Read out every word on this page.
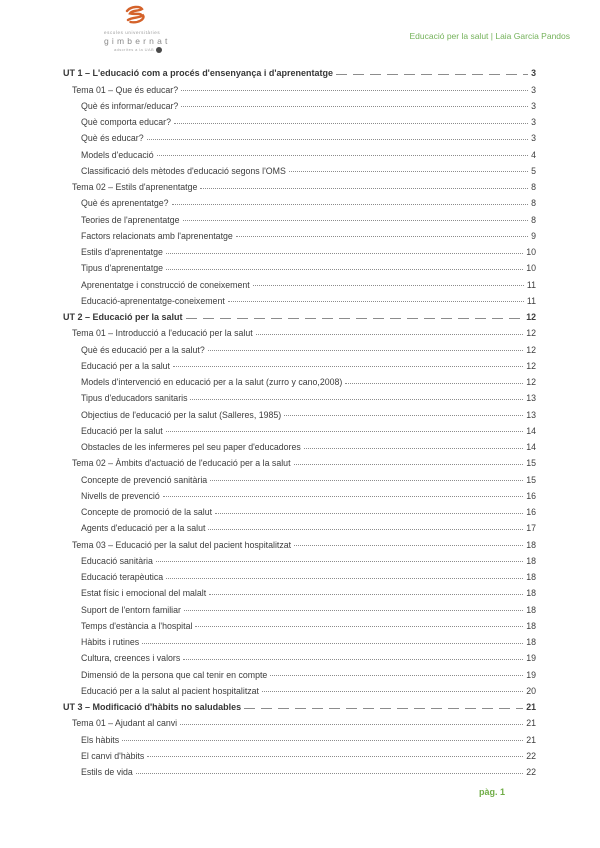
escoles universitàries
gimbernat
adscrites a la UAB
Educació per la salut | Laia Garcia Pandos
UT 1 – L'educació com a procés d'ensenyança i d'aprenentatge	3
Tema 01 – Que és educar?	3
Què és informar/educar?	3
Què comporta educar?	3
Què és educar?	3
Models d'educació	4
Classificació dels mètodes d'educació segons l'OMS	5
Tema 02 – Estils d'aprenentatge	8
Què és aprenentatge?	8
Teories de l'aprenentatge	8
Factors relacionats amb l'aprenentatge	9
Estils d'aprenentatge	10
Tipus d'aprenentatge	10
Aprenentatge i construcció de coneixement	11
Educació-aprenentatge-coneixement	11
UT 2 – Educació per la salut	12
Tema 01 – Introducció a l'educació per la salut	12
Què és educació per a la salut?	12
Educació per a la salut	12
Models d'intervenció en educació per a la salut (zurro y cano,2008)	12
Tipus d'educadors sanitaris	13
Objectius de l'educació per la salut (Salleres, 1985)	13
Educació per la salut	14
Obstacles de les infermeres pel seu paper d'educadores	14
Tema 02 – Àmbits d'actuació de l'educació per a la salut	15
Concepte de prevenció sanitària	15
Nivells de prevenció	16
Concepte de promoció de la salut	16
Agents d'educació per a la salut	17
Tema 03 – Educació per la salut del pacient hospitalitzat	18
Educació sanitària	18
Educació terapèutica	18
Estat físic i emocional del malalt	18
Suport de l'entorn familiar	18
Temps d'estància a l'hospital	18
Hàbits i rutines	18
Cultura, creences i valors	19
Dimensió de la persona que cal tenir en compte	19
Educació per a la salut al pacient hospitalitzat	20
UT 3 – Modificació d'hàbits no saludables	21
Tema 01 – Ajudant al canvi	21
Els hàbits	21
El canvi d'hàbits	22
Estils de vida	22
pàg. 1
